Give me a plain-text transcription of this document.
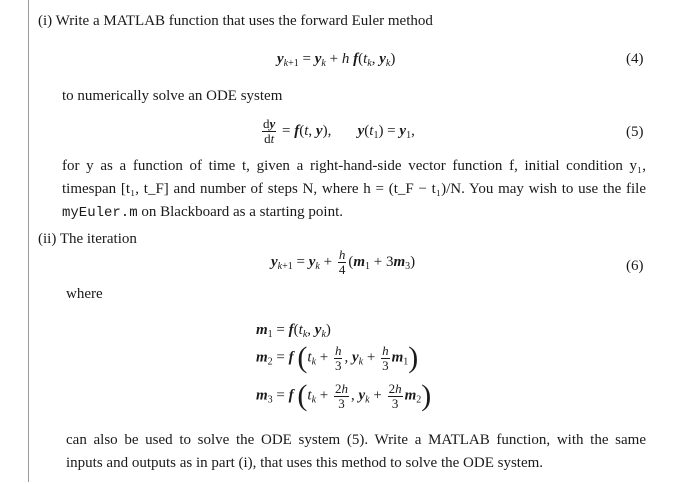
(i) Write a MATLAB function that uses the forward Euler method
$y_{k+1} = y_k + h$ $f(t_k$, $y_k$)	(4)
to numerically solve an ODE system
$\frac{dy}{dt} = f(t$, y),       $y(t_1) = y_1$,	(5)
for y as a function of time t, given a right-hand-side vector function f, initial condition y₁,
timespan [t₁, t_F] and number of steps N, where h = (t_F − t₁)/N. You may wish to use the file
myEuler.m on Blackboard as a starting point.
(ii) The iteration
$y_{k+1} = y_k + \frac{h}{4} (m_1 + 3m_3)$	(6)
where
$m_1 = f(t_k$, $y_k$)
$m_2 = f$ ($t_k + \frac{h}{3}$ , $y_k + \frac{h}{3} m_1$)
$m_3 = f$ ($t_k + \frac{2h}{3}$ , $y_k + \frac{2h}{3} m_2$)
can also be used to solve the ODE system (5). Write a MATLAB function, with the same
inputs and outputs as in part (i), that uses this method to solve the ODE system.
